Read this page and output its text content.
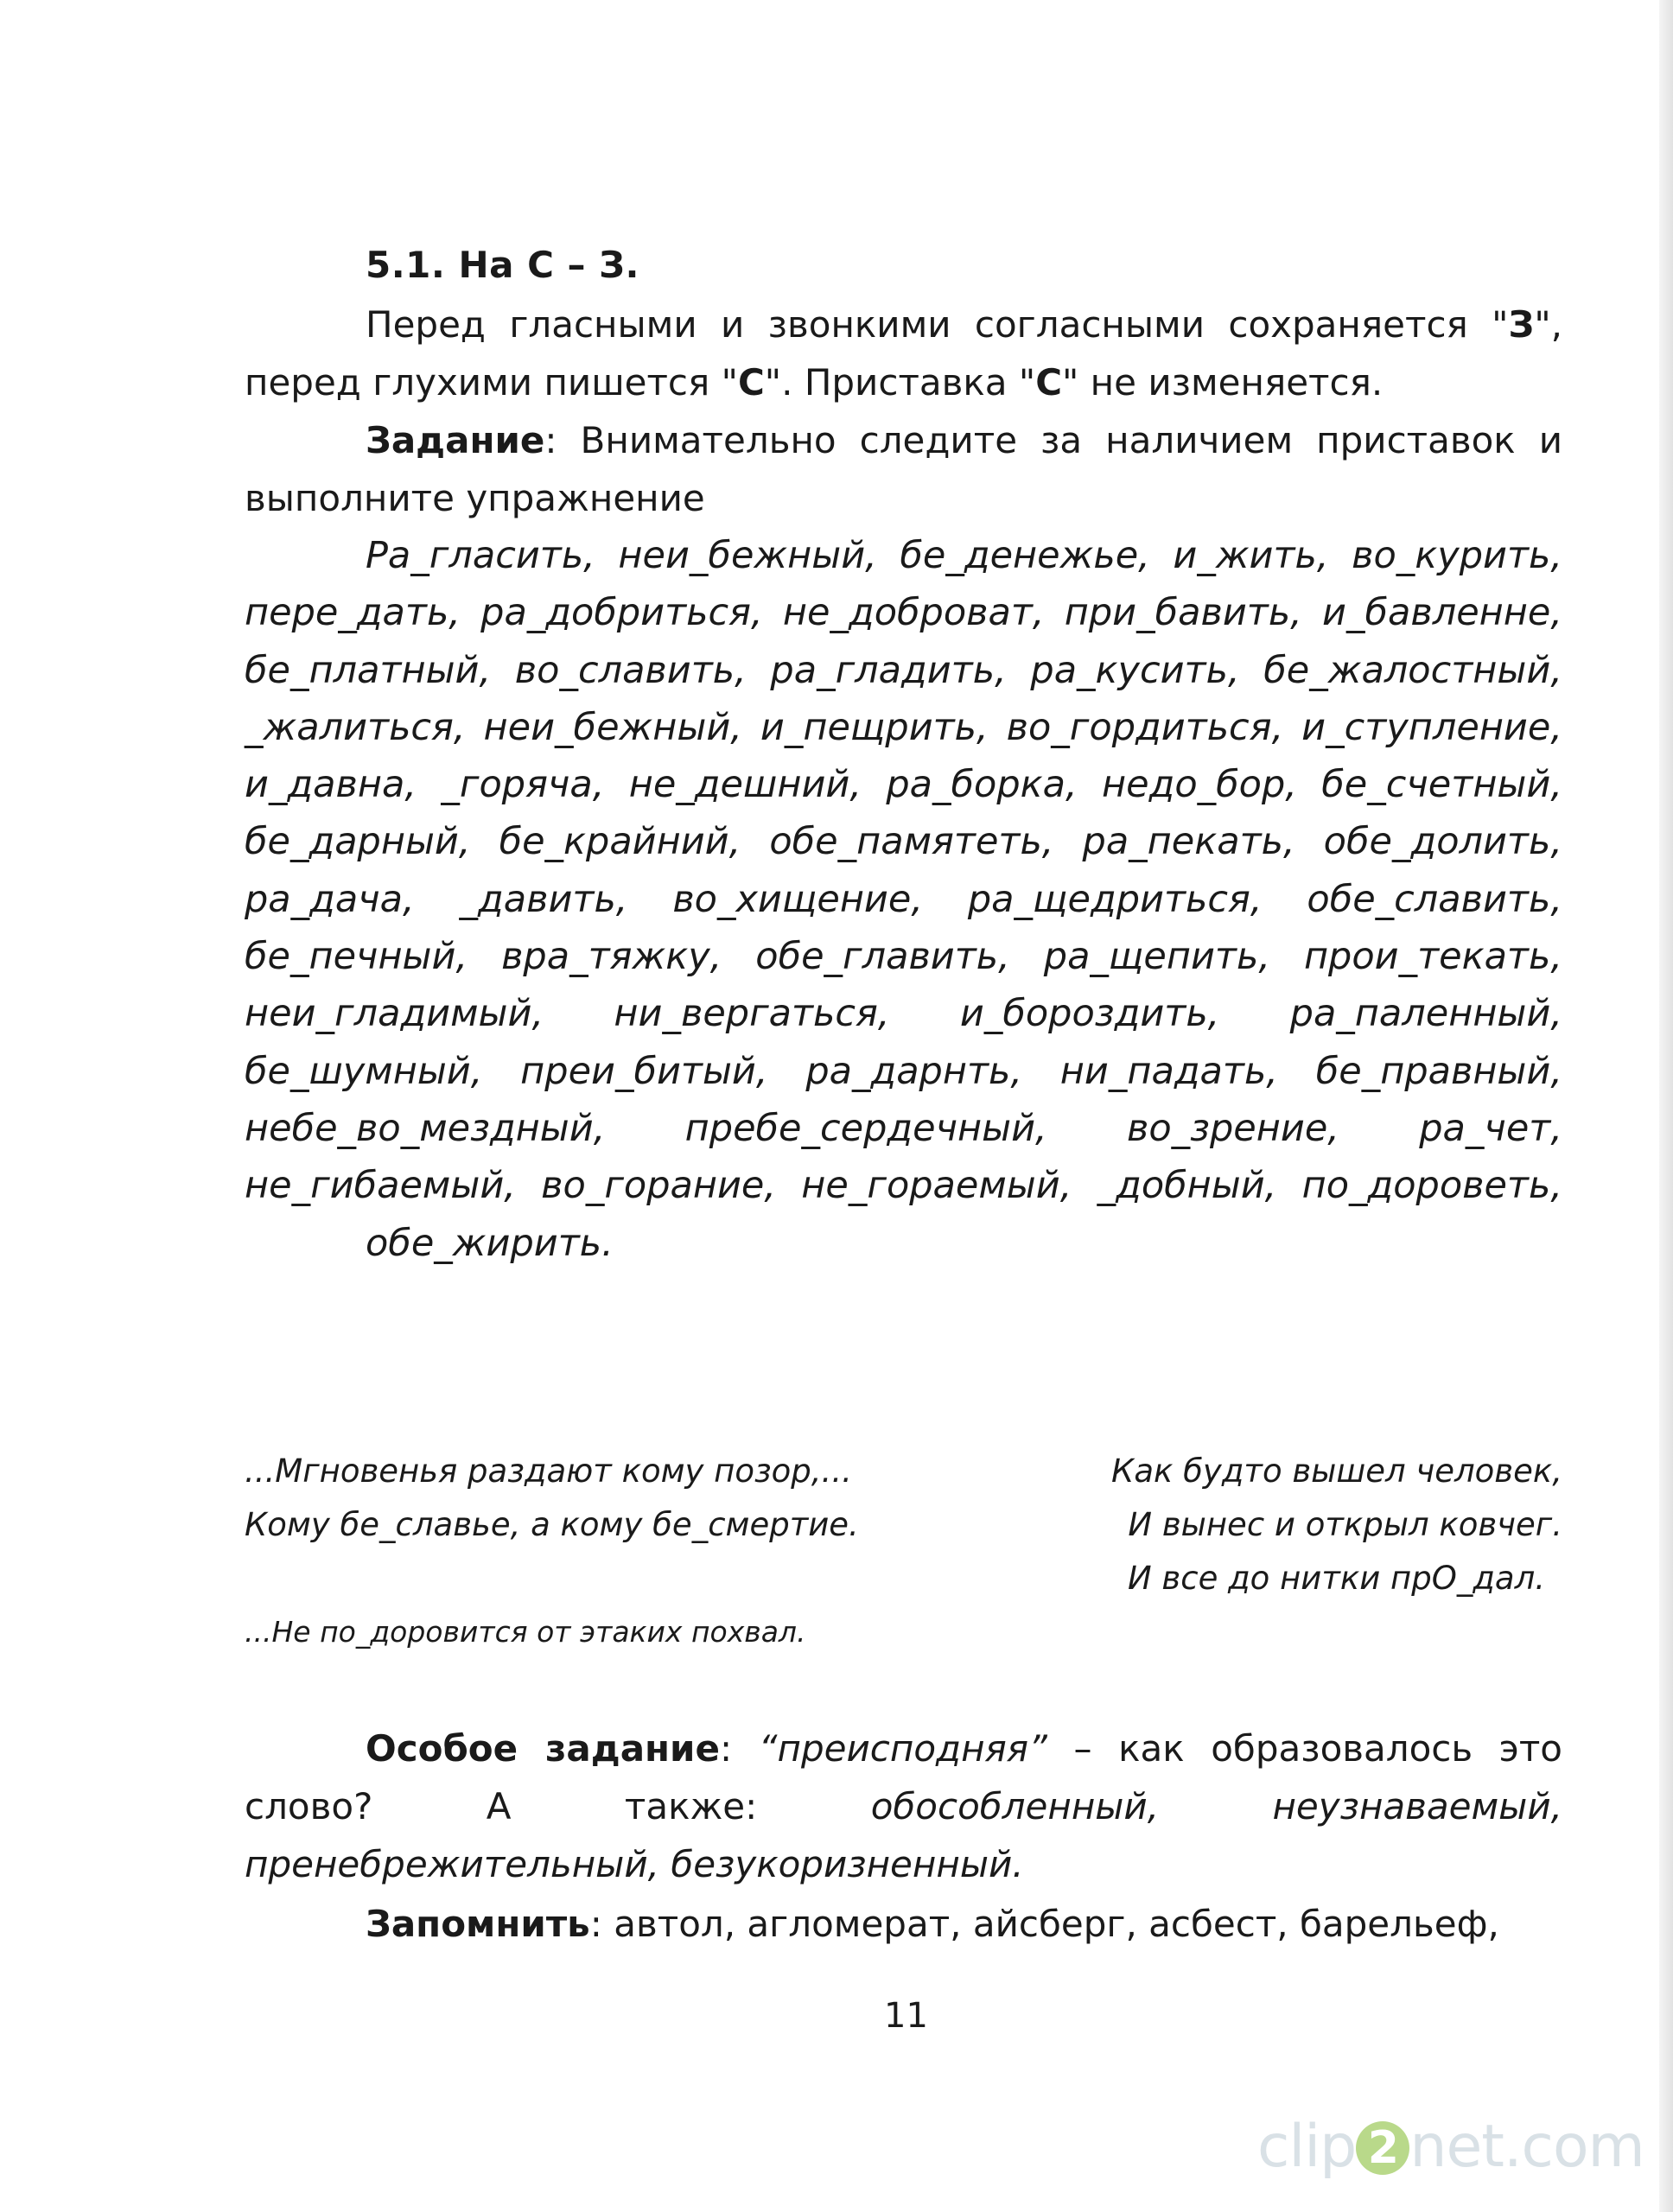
5.1. На С – З.
Перед гласными и звонкими согласными сохраняется "З", перед глухими пишется "С". Приставка "С" не изменяется.
Задание: Внимательно следите за наличием приставок и выполните упражнение
Ра_гласить, неи_бежный, бе_денежье, и_жить, во_курить, пере_дать, ра_добриться, не_доброват, при_бавить, и_бавленне, бе_платный, во_славить, ра_гладить, ра_кусить, бе_жалостный, _жалиться, неи_бежный, и_пещрить, во_гордиться, и_ступление, и_давна, _горяча, не_дешний, ра_борка, недо_бор, бе_счетный, бе_дарный, бе_крайний, обе_памятеть, ра_пекать, обе_долить, ра_дача, _давить, во_хищение, ра_щедриться, обе_славить, бе_печный, вра_тяжку, обе_главить, ра_щепить, прои_текать, неи_гладимый, ни_вергаться, и_бороздить, ра_паленный, бе_шумный, преи_битый, ра_дарнть, ни_падать, бе_правный, небе_во_мездный, пребе_сердечный, во_зрение, ра_чет, не_гибаемый, во_горание, не_гораемый, _добный, по_дороветь,
обе_жирить.
...Мгновенья раздают кому позор,...
Кому бе_славье, а кому бе_смертие.
Как будто вышел человек,
И вынес и открыл ковчег.
И все до нитки прО_дал.
...Не по_доровится от этаких похвал.
Особое задание: “преисподняя” – как образовалось это слово? А также: обособленный, неузнаваемый, пренебрежительный, безукоризненный.
Запомнить: автол, агломерат, айсберг, асбест, барельеф,
11
clip 2 net.com
